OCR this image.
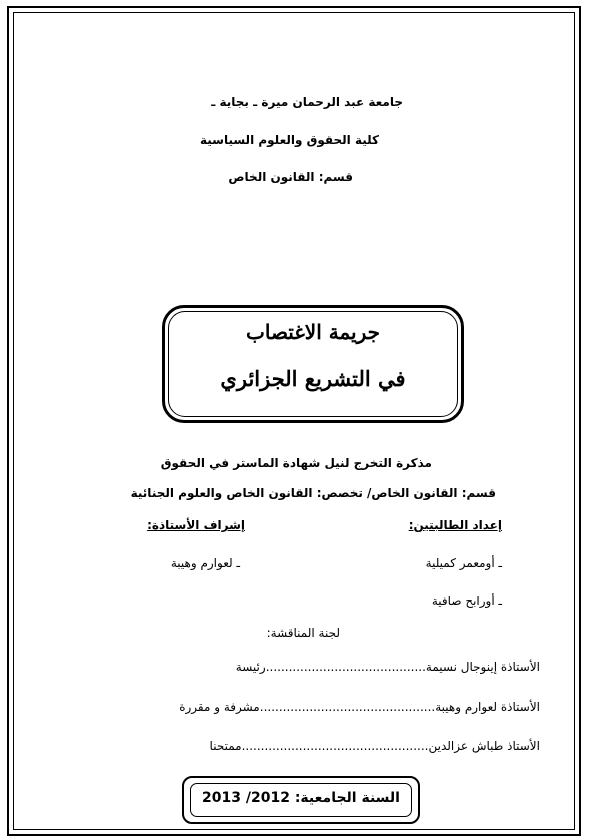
جامعة عبد الرحمان ميرة ـ بجاية ـ
كلية الحقوق والعلوم السياسية
قسم: القانون الخاص
جريمة الاغتصاب
في التشريع الجزائري
مذكرة التخرج لنيل شهادة الماستر في الحقوق
قسم: القانون الخاص/ تخصص: القانون الخاص والعلوم الجنائية
إعداد الطالبتين:
إشراف الأستاذة:
ـ أومعمر كميلية
ـ لعوارم وهيبة
ـ أورابح صافية
لجنة المناقشة:
الأستاذة إينوجال نسيمة..........................................رئيسة
الأستاذة لعوارم وهيبة..............................................مشرفة و مقررة
الأستاذ طباش عزالدين.................................................ممتحنا
السنة الجامعية: 2012/ 2013
